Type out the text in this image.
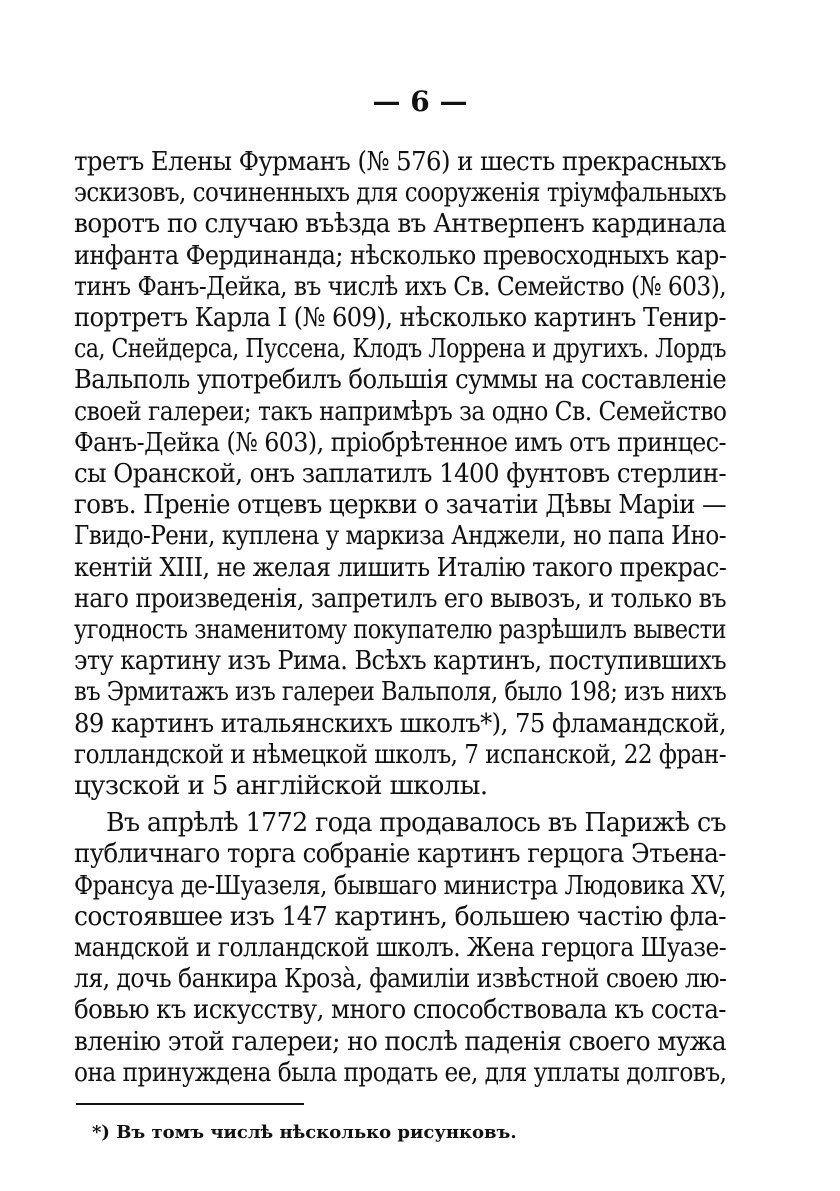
— 6 —
третъ Елены Фурманъ (№ 576) и шесть прекрасныхъ
эскизовъ, сочиненныхъ для сооруженія тріумфальныхъ
воротъ по случаю въѣзда въ Антверпенъ кардинала
инфанта Фердинанда; нѣсколько превосходныхъ кар-
тинъ Фанъ-Дейка, въ числѣ ихъ Св. Семейство (№ 603),
портретъ Карла I (№ 609), нѣсколько картинъ Тенир-
са, Снейдерса, Пуссена, Клодъ Лоррена и другихъ. Лордъ
Вальполь употребилъ большія суммы на составленіе
своей галереи; такъ напримѣръ за одно Св. Семейство
Фанъ-Дейка (№ 603), пріобрѣтенное имъ отъ принцес-
сы Оранской, онъ заплатилъ 1400 фунтовъ стерлин-
говъ. Преніе отцевъ церкви о зачатіи Дѣвы Маріи —
Гвидо-Рени, куплена у маркиза Анджели, но папа Ино-
кентій XIII, не желая лишить Италію такого прекрас-
наго произведенія, запретилъ его вывозъ, и только въ
угодность знаменитому покупателю разрѣшилъ вывести
эту картину изъ Рима. Всѣхъ картинъ, поступившихъ
въ Эрмитажъ изъ галереи Вальполя, было 198; изъ нихъ
89 картинъ итальянскихъ школъ*), 75 фламандской,
голландской и нѣмецкой школъ, 7 испанской, 22 фран-
цузской и 5 англійской школы.
Въ апрѣлѣ 1772 года продавалось въ Парижѣ съ
публичнаго торга собраніе картинъ герцога Этьена-
Франсуа де-Шуазеля, бывшаго министра Людовика XV,
состоявшее изъ 147 картинъ, большею частію фла-
мандской и голландской школъ. Жена герцога Шуазе-
ля, дочь банкира Крозà, фамиліи извѣстной своею лю-
бовью къ искусству, много способствовала къ соста-
вленію этой галереи; но послѣ паденія своего мужа
она принуждена была продать ее, для уплаты долговъ,
*) Въ томъ числѣ нѣсколько рисунковъ.
